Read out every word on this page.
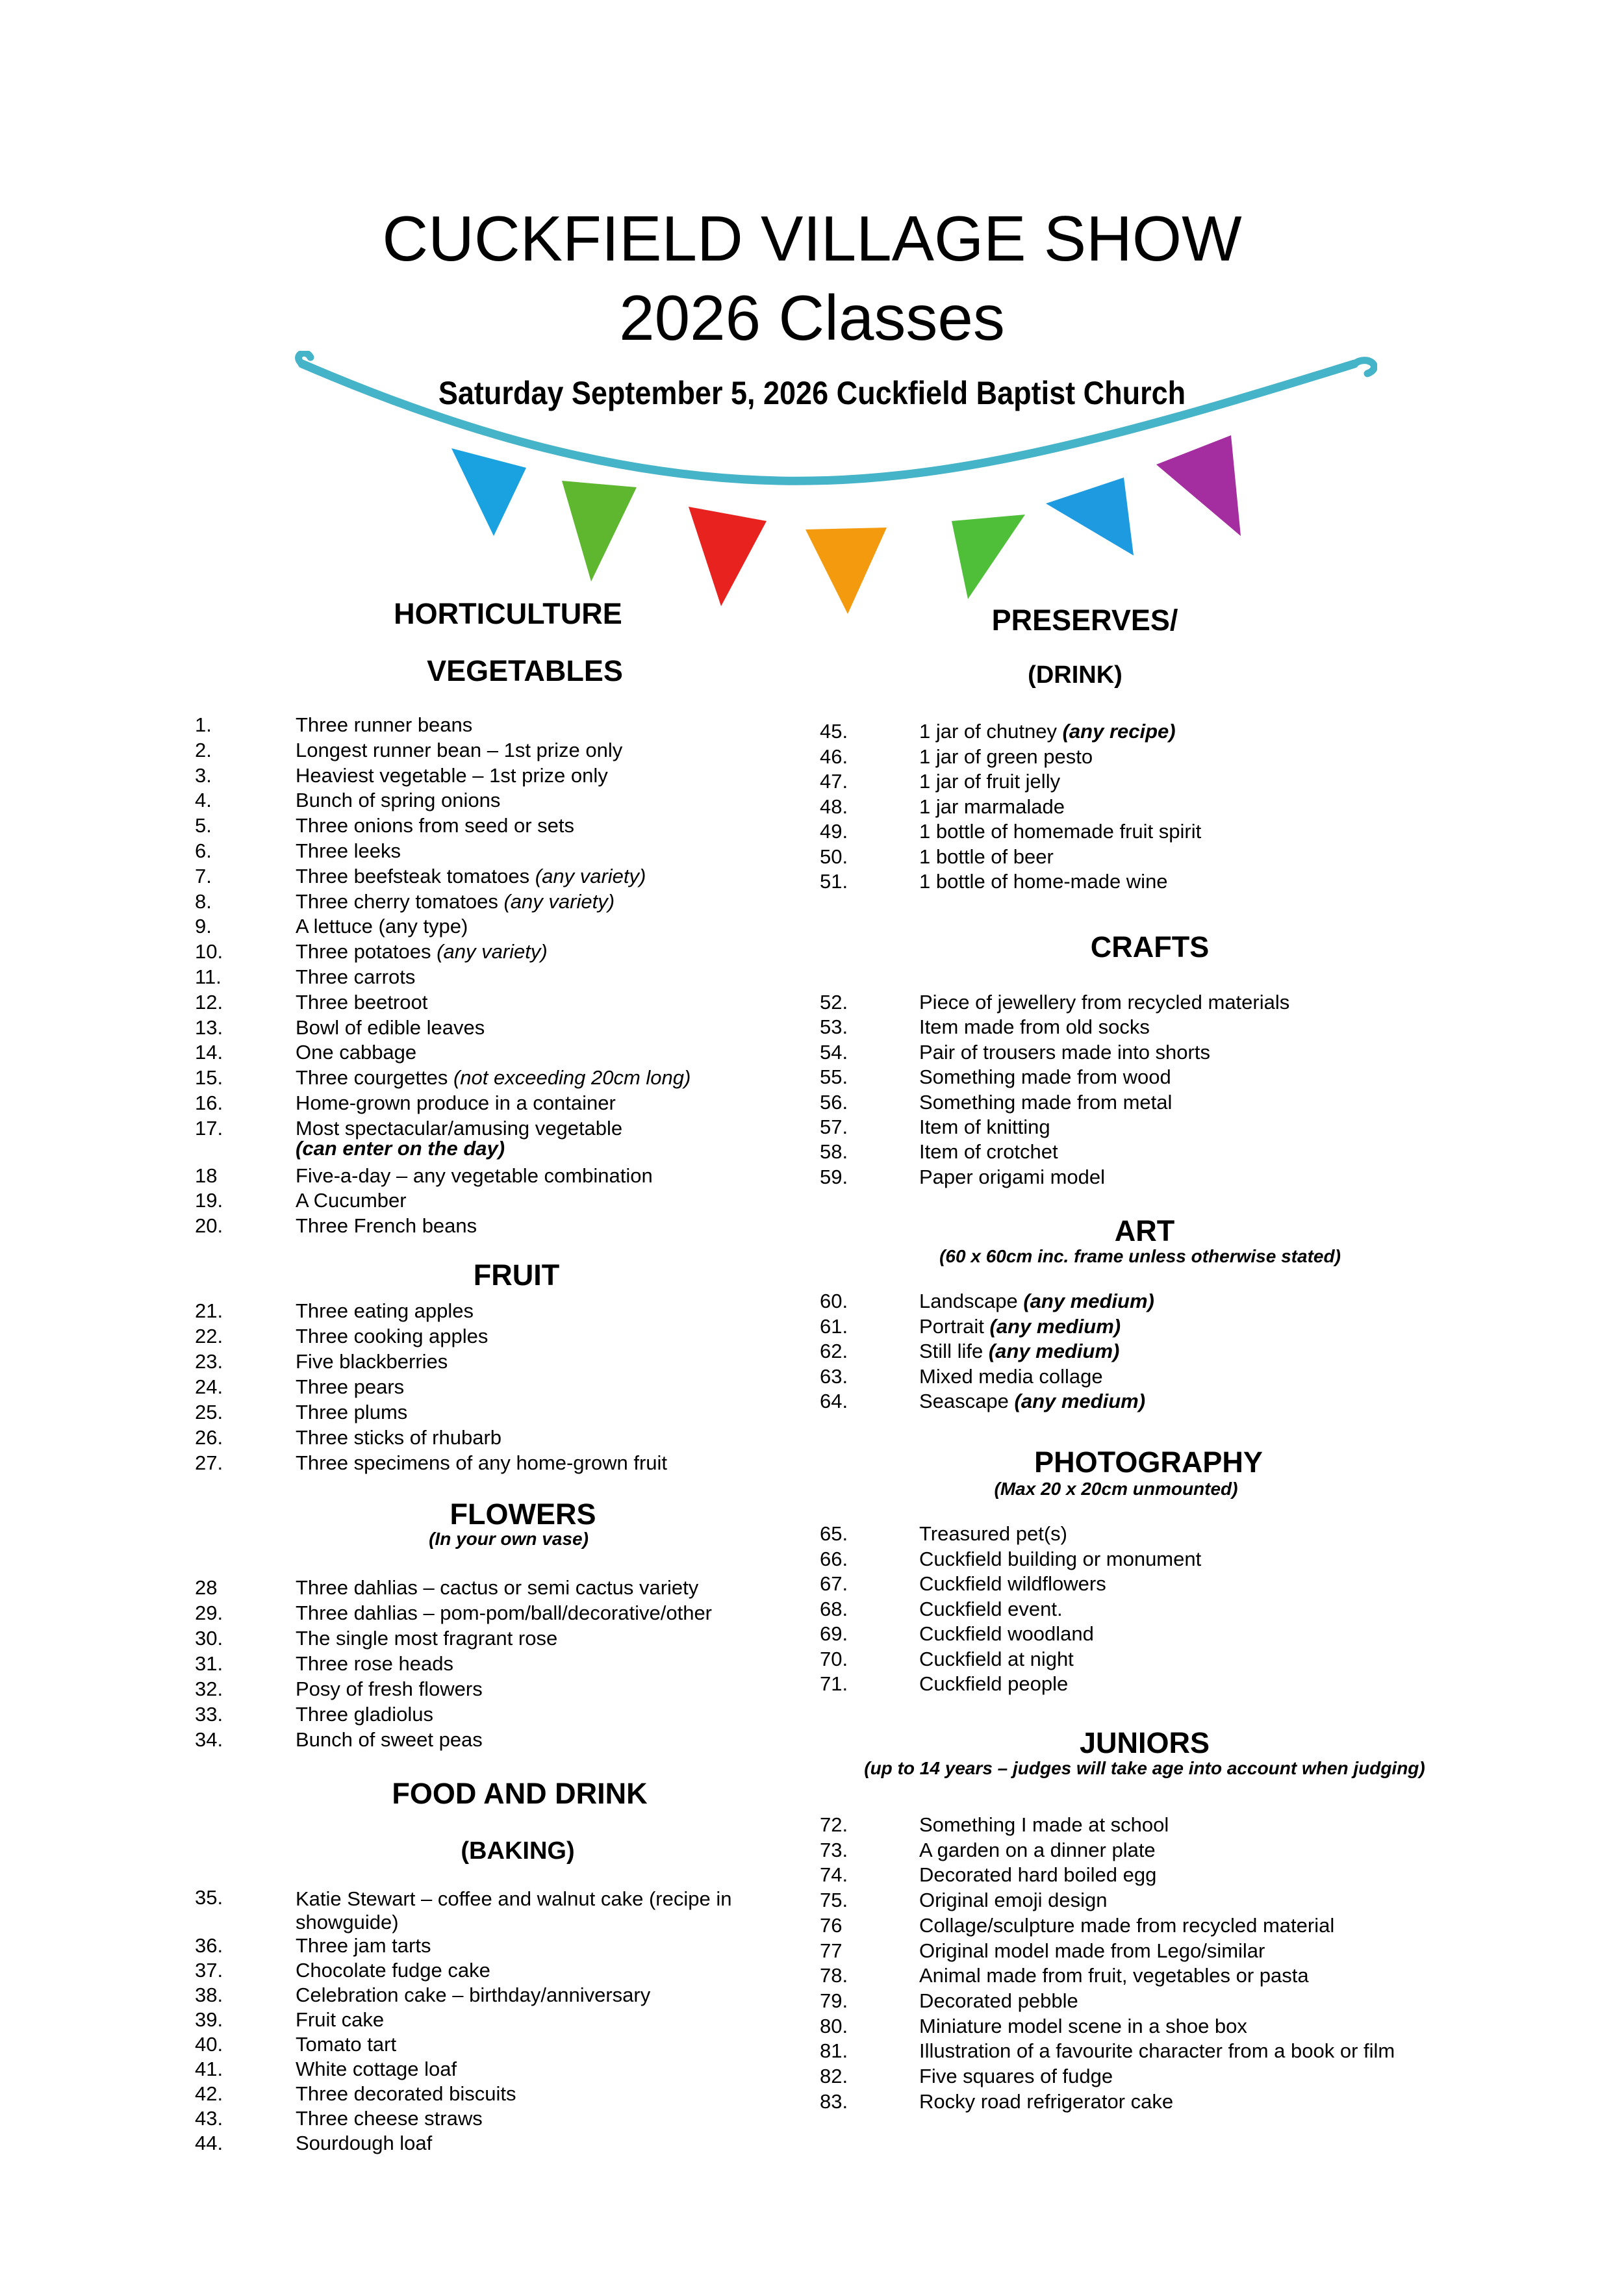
CUCKFIELD VILLAGE SHOW
2026 Classes
Saturday September 5, 2026 Cuckfield Baptist Church
HORTICULTURE
VEGETABLES
1.	Three runner beans
2.	Longest runner bean – 1st prize only
3.	Heaviest vegetable – 1st prize only
4.	Bunch of spring onions
5.	Three onions from seed or sets
6.	Three leeks
7.	Three beefsteak tomatoes (any variety)
8.	Three cherry tomatoes (any variety)
9.	A lettuce (any type)
10.	Three potatoes (any variety)
11.	Three carrots
12.	Three beetroot
13.	Bowl of edible leaves
14.	One cabbage
15.	Three courgettes (not exceeding 20cm long)
16.	Home-grown produce in a container
17.	Most spectacular/amusing vegetable
(can enter on the day)
18	Five-a-day – any vegetable combination
19.	A Cucumber
20.	Three French beans
FRUIT
21.	Three eating apples
22.	Three cooking apples
23.	Five blackberries
24.	Three pears
25.	Three plums
26.	Three sticks of rhubarb
27.	Three specimens of any home-grown fruit
FLOWERS
(In your own vase)
28	Three dahlias – cactus or semi cactus variety
29.	Three dahlias – pom-pom/ball/decorative/other
30.	The single most fragrant rose
31.	Three rose heads
32.	Posy of fresh flowers
33.	Three gladiolus
34.	Bunch of sweet peas
FOOD AND DRINK
(BAKING)
35.	Katie Stewart – coffee and walnut cake (recipe in showguide)
36.	Three jam tarts
37.	Chocolate fudge cake
38.	Celebration cake – birthday/anniversary
39.	Fruit cake
40.	Tomato tart
41.	White cottage loaf
42.	Three decorated biscuits
43.	Three cheese straws
44.	Sourdough loaf
PRESERVES/
(DRINK)
45.	1 jar of chutney (any recipe)
46.	1 jar of green pesto
47.	1 jar of fruit jelly
48.	1 jar marmalade
49.	1 bottle of homemade fruit spirit
50.	1 bottle of beer
51.	1 bottle of home-made wine
CRAFTS
52.	Piece of jewellery from recycled materials
53.	Item made from old socks
54.	Pair of trousers made into shorts
55.	Something made from wood
56.	Something made from metal
57.	Item of knitting
58.	Item of crotchet
59.	Paper origami model
ART
(60 x 60cm inc. frame unless otherwise stated)
60.	Landscape (any medium)
61.	Portrait (any medium)
62.	Still life (any medium)
63.	Mixed media collage
64.	Seascape (any medium)
PHOTOGRAPHY
(Max 20 x 20cm unmounted)
65.	Treasured pet(s)
66.	Cuckfield building or monument
67.	Cuckfield wildflowers
68.	Cuckfield event.
69.	Cuckfield woodland
70.	Cuckfield at night
71.	Cuckfield people
JUNIORS
(up to 14 years – judges will take age into account when judging)
72.	Something I made at school
73.	A garden on a dinner plate
74.	Decorated hard boiled egg
75.	Original emoji design
76	Collage/sculpture made from recycled material
77	Original model made from Lego/similar
78.	Animal made from fruit, vegetables or pasta
79.	Decorated pebble
80.	Miniature model scene in a shoe box
81.	Illustration of a favourite character from a book or film
82.	Five squares of fudge
83.	Rocky road refrigerator cake
